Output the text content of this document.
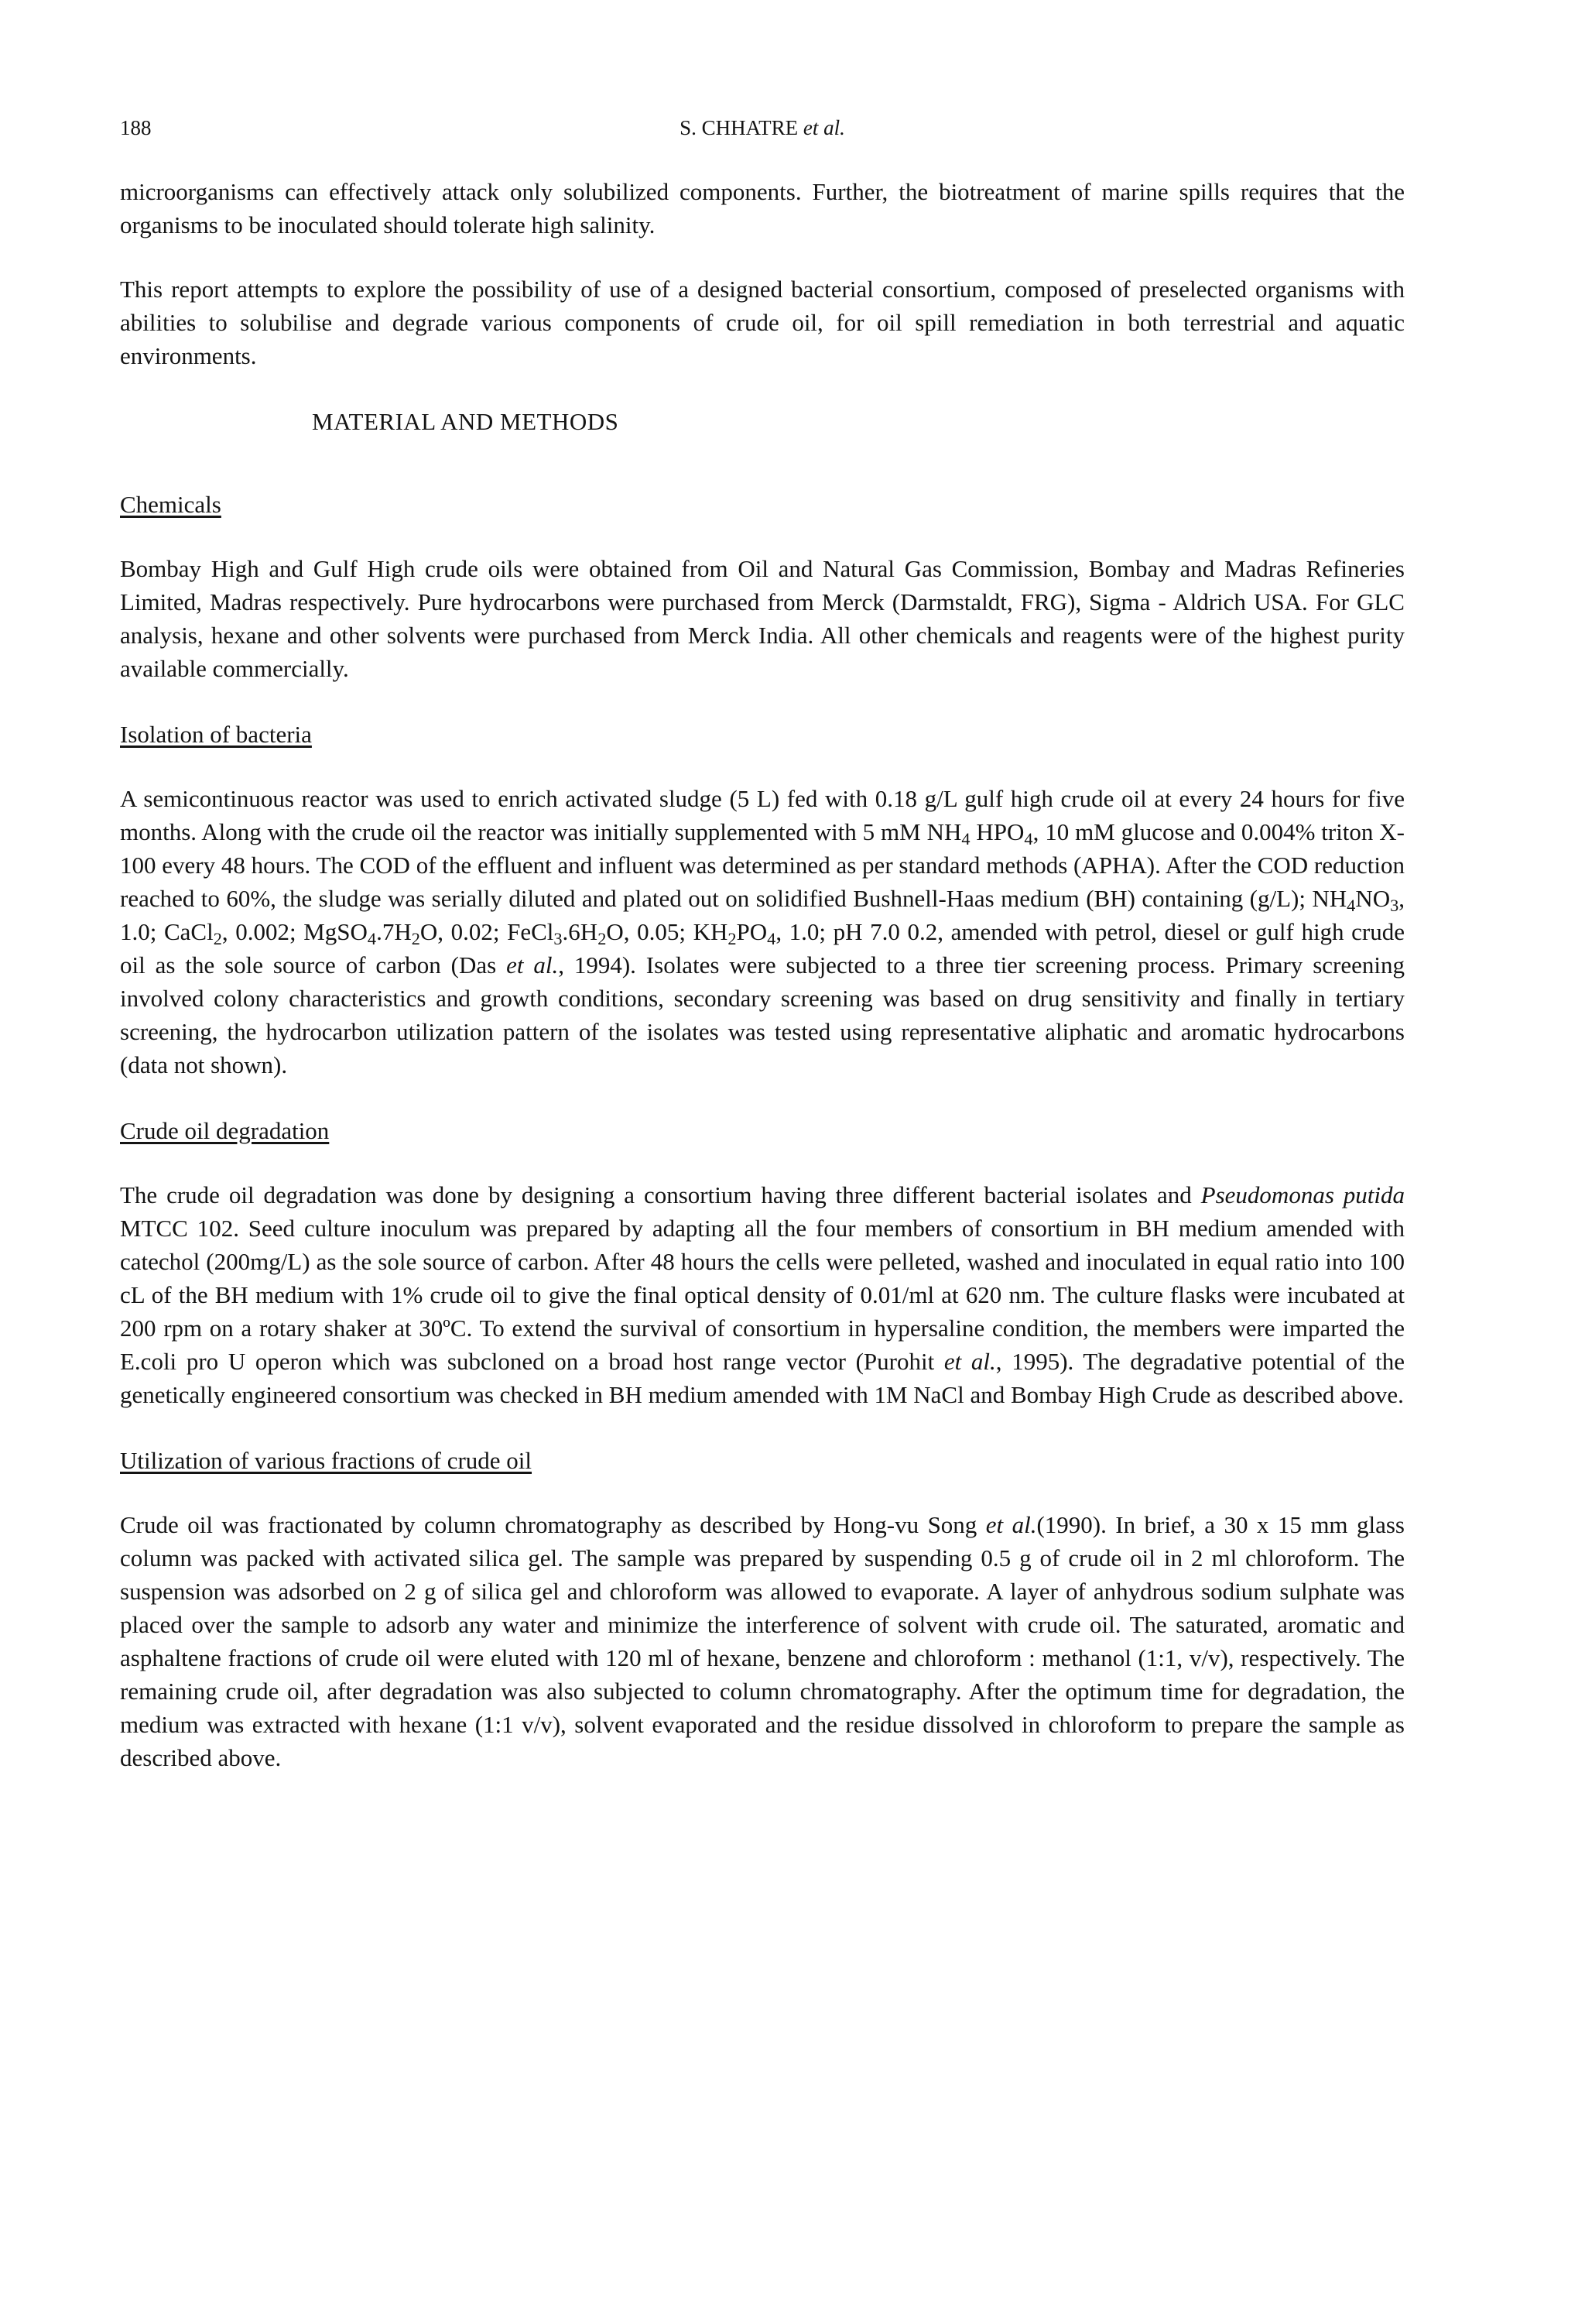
188	S. CHHATRE et al.

microorganisms can effectively attack only solubilized components. Further, the biotreatment of marine spills requires that the organisms to be inoculated should tolerate high salinity.

This report attempts to explore the possibility of use of a designed bacterial consortium, composed of preselected organisms with abilities to solubilise and degrade various components of crude oil, for oil spill remediation in both terrestrial and aquatic environments.

MATERIAL AND METHODS
Chemicals

Bombay High and Gulf High crude oils were obtained from Oil and Natural Gas Commission, Bombay and Madras Refineries Limited, Madras respectively. Pure hydrocarbons were purchased from Merck (Darmstaldt, FRG), Sigma - Aldrich USA. For GLC analysis, hexane and other solvents were purchased from Merck India. All other chemicals and reagents were of the highest purity available commercially.

Isolation of bacteria

A semicontinuous reactor was used to enrich activated sludge (5 L) fed with 0.18 g/L gulf high crude oil at every 24 hours for five months. Along with the crude oil the reactor was initially supplemented with 5 mM $NH_4$ $HPO_4$, 10 mM glucose and 0.004% triton X-100 every 48 hours. The COD of the effluent and influent was determined as per standard methods (APHA). After the COD reduction reached to 60%, the sludge was serially diluted and plated out on solidified Bushnell-Haas medium (BH) containing (g/L); $NH_4NO_3$, 1.0; CaCl$_2$, 0.002; $MgSO_4.7H_2O$, 0.02; $FeCl_3.6H_2O$, 0.05; $KH_2PO_4$, 1.0; pH 7.0 0.2, amended with petrol, diesel or gulf high crude oil as the sole source of carbon (Das et al., 1994). Isolates were subjected to a three tier screening process. Primary screening involved colony characteristics and growth conditions, secondary screening was based on drug sensitivity and finally in tertiary screening, the hydrocarbon utilization pattern of the isolates was tested using representative aliphatic and aromatic hydrocarbons (data not shown).

Crude oil degradation

The crude oil degradation was done by designing a consortium having three different bacterial isolates and Pseudomonas putida MTCC 102. Seed culture inoculum was prepared by adapting all the four members of consortium in BH medium amended with catechol (200mg/L) as the sole source of carbon. After 48 hours the cells were pelleted, washed and inoculated in equal ratio into 100 cL of the BH medium with 1% crude oil to give the final optical density of 0.01/ml at 620 nm. The culture flasks were incubated at 200 rpm on a rotary shaker at 30ºC. To extend the survival of consortium in hypersaline condition, the members were imparted the E.coli pro U operon which was subcloned on a broad host range vector (Purohit et al., 1995). The degradative potential of the genetically engineered consortium was checked in BH medium amended with 1M NaCl and Bombay High Crude as described above.

Utilization of various fractions of crude oil

Crude oil was fractionated by column chromatography as described by Hong-vu Song et al.(1990). In brief, a 30 x 15 mm glass column was packed with activated silica gel. The sample was prepared by suspending 0.5 g of crude oil in 2 ml chloroform. The suspension was adsorbed on 2 g of silica gel and chloroform was allowed to evaporate. A layer of anhydrous sodium sulphate was placed over the sample to adsorb any water and minimize the interference of solvent with crude oil. The saturated, aromatic and asphaltene fractions of crude oil were eluted with 120 ml of hexane, benzene and chloroform : methanol (1:1, v/v), respectively. The remaining crude oil, after degradation was also subjected to column chromatography. After the optimum time for degradation, the medium was extracted with hexane (1:1 v/v), solvent evaporated and the residue dissolved in chloroform to prepare the sample as described above.
